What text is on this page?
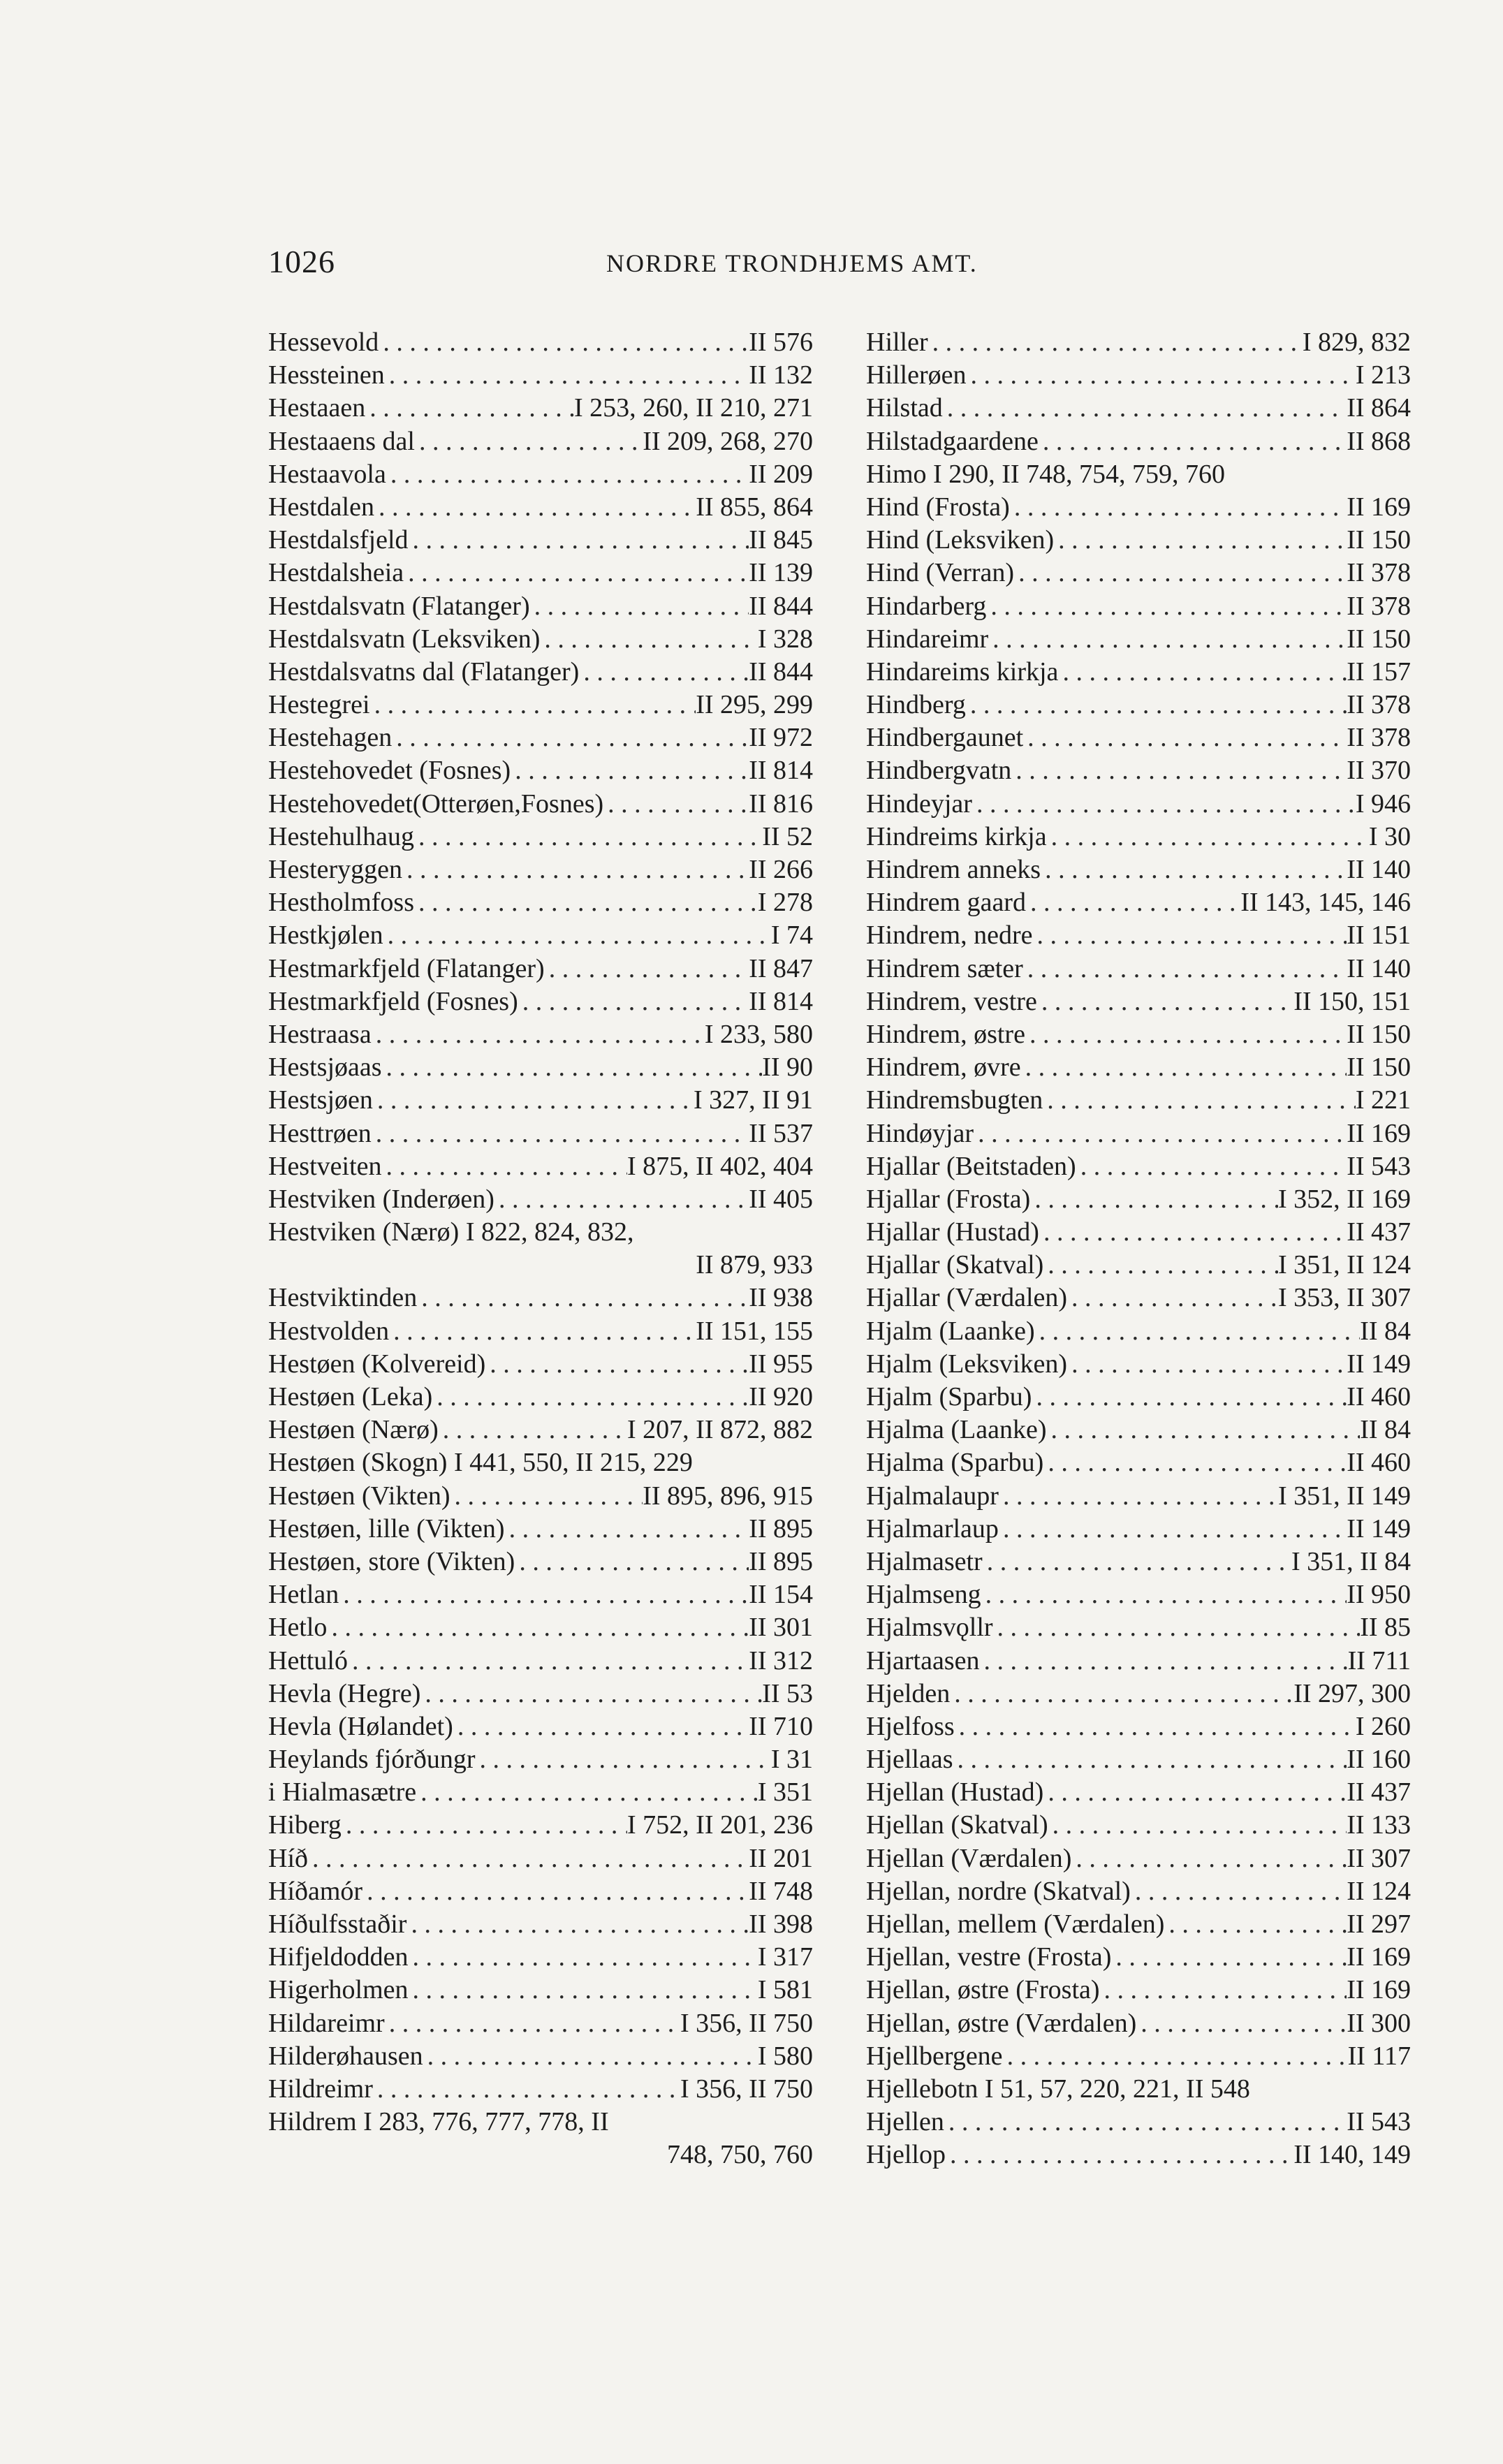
1026	NORDRE TRONDHJEMS AMT.
Hessevold . . .	II 576
Hessteinen . . .	II 132
Hestaaen . . .	I 253, 260, II 210, 271
Hestaaens dal . . .	II 209, 268, 270
Hestaavola . . .	II 209
Hestdalen . . .	II 855, 864
Hestdalsfjeld . . .	II 845
Hestdalsheia . . .	II 139
Hestdalsvatn (Flatanger) . . .	II 844
Hestdalsvatn (Leksviken) . . .	I 328
Hestdalsvatns dal (Flatanger) . . .	II 844
Hestegrei . . .	II 295, 299
Hestehagen . . .	II 972
Hestehovedet (Fosnes) . . .	II 814
Hestehovedet(Otterøen,Fosnes) . . .	II 816
Hestehulhaug . . .	II 52
Hesteryggen . . .	II 266
Hestholmfoss . . .	I 278
Hestkjølen . . .	I 74
Hestmarkfjeld (Flatanger) . . .	II 847
Hestmarkfjeld (Fosnes) . . .	II 814
Hestraasa . . .	I 233, 580
Hestsjøaas . . .	II 90
Hestsjøen . . .	I 327, II 91
Hesttrøen . . .	II 537
Hestveiten . . .	I 875, II 402, 404
Hestviken (Inderøen) . . .	II 405
Hestviken (Nærø) I 822, 824, 832,
II 879, 933
Hestviktinden . . .	II 938
Hestvolden . . .	II 151, 155
Hestøen (Kolvereid) . . .	II 955
Hestøen (Leka) . . .	II 920
Hestøen (Nærø) . . .	I 207, II 872, 882
Hestøen (Skogn) I 441, 550, II 215, 229
Hestøen (Vikten) . . .	II 895, 896, 915
Hestøen, lille (Vikten) . . .	II 895
Hestøen, store (Vikten) . . .	II 895
Hetlan . . .	II 154
Hetlo . . .	II 301
Hettuló . . .	II 312
Hevla (Hegre) . . .	II 53
Hevla (Hølandet) . . .	II 710
Heylands fjórðungr . . .	I 31
i Hialmasætre . . .	I 351
Hiberg . . .	I 752, II 201, 236
Híð . . .	II 201
Híðamór . . .	II 748
Híðulfsstaðir . . .	II 398
Hifjeldodden . . .	I 317
Higerholmen . . .	I 581
Hildareimr . . .	I 356, II 750
Hilderøhausen . . .	I 580
Hildreimr . . .	I 356, II 750
Hildrem I 283, 776, 777, 778, II
748, 750, 760
Hiller . . .	I 829, 832
Hillerøen . . .	I 213
Hilstad . . .	II 864
Hilstadgaardene . . .	II 868
Himo I 290, II 748, 754, 759, 760
Hind (Frosta) . . .	II 169
Hind (Leksviken) . . .	II 150
Hind (Verran) . . .	II 378
Hindarberg . . .	II 378
Hindareimr . . .	II 150
Hindareims kirkja . . .	II 157
Hindberg . . .	II 378
Hindbergaunet . . .	II 378
Hindbergvatn . . .	II 370
Hindeyjar . . .	I 946
Hindreims kirkja . . .	I 30
Hindrem anneks . . .	II 140
Hindrem gaard . . .	II 143, 145, 146
Hindrem, nedre . . .	II 151
Hindrem sæter . . .	II 140
Hindrem, vestre . . .	II 150, 151
Hindrem, østre . . .	II 150
Hindrem, øvre . . .	II 150
Hindremsbugten . . .	I 221
Hindøyjar . . .	II 169
Hjallar (Beitstaden) . . .	II 543
Hjallar (Frosta) . . .	I 352, II 169
Hjallar (Hustad) . . .	II 437
Hjallar (Skatval) . . .	I 351, II 124
Hjallar (Værdalen) . . .	I 353, II 307
Hjalm (Laanke) . . .	II 84
Hjalm (Leksviken) . . .	II 149
Hjalm (Sparbu) . . .	II 460
Hjalma (Laanke) . . .	II 84
Hjalma (Sparbu) . . .	II 460
Hjalmalaupr . . .	I 351, II 149
Hjalmarlaup . . .	II 149
Hjalmasetr . . .	I 351, II 84
Hjalmseng . . .	II 950
Hjalmsvǫllr . . .	II 85
Hjartaasen . . .	II 711
Hjelden . . .	II 297, 300
Hjelfoss . . .	I 260
Hjellaas . . .	II 160
Hjellan (Hustad) . . .	II 437
Hjellan (Skatval) . . .	II 133
Hjellan (Værdalen) . . .	II 307
Hjellan, nordre (Skatval) . . .	II 124
Hjellan, mellem (Værdalen) . . .	II 297
Hjellan, vestre (Frosta) . . .	II 169
Hjellan, østre (Frosta) . . .	II 169
Hjellan, østre (Værdalen) . . .	II 300
Hjellbergene . . .	II 117
Hjellebotn I 51, 57, 220, 221, II 548
Hjellen . . .	II 543
Hjellop . . .	II 140, 149
